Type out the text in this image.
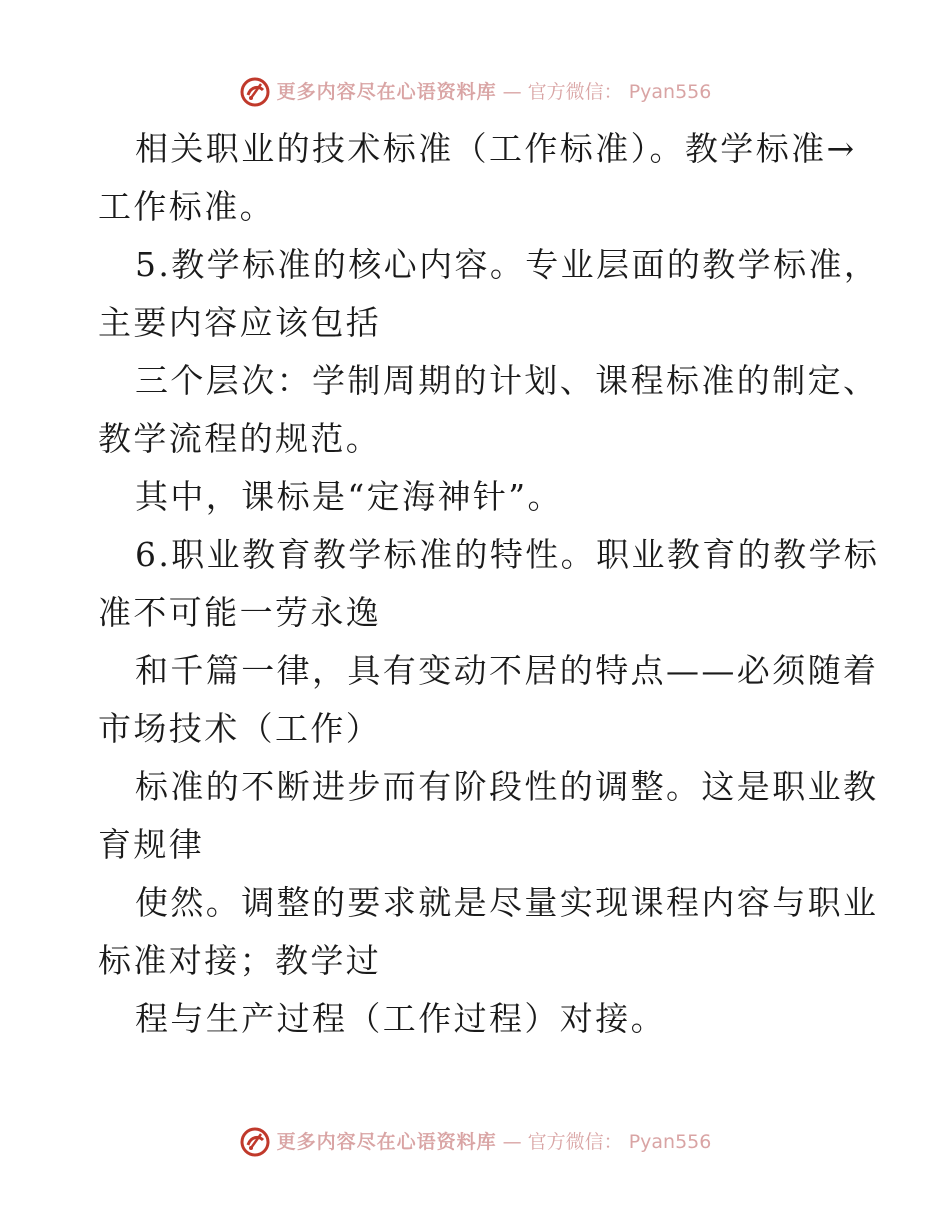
更多内容尽在心语资料库 — 官方微信： Pyan556
相关职业的技术标准（工作标准）。教学标准→
工作标准。
5.教学标准的核心内容。专业层面的教学标准，
主要内容应该包括
三个层次：学制周期的计划、课程标准的制定、
教学流程的规范。
其中，课标是“定海神针”。
6.职业教育教学标准的特性。职业教育的教学标
准不可能一劳永逸
和千篇一律，具有变动不居的特点——必须随着
市场技术（工作）
标准的不断进步而有阶段性的调整。这是职业教
育规律
使然。调整的要求就是尽量实现课程内容与职业
标准对接；教学过
程与生产过程（工作过程）对接。
更多内容尽在心语资料库 — 官方微信： Pyan556
